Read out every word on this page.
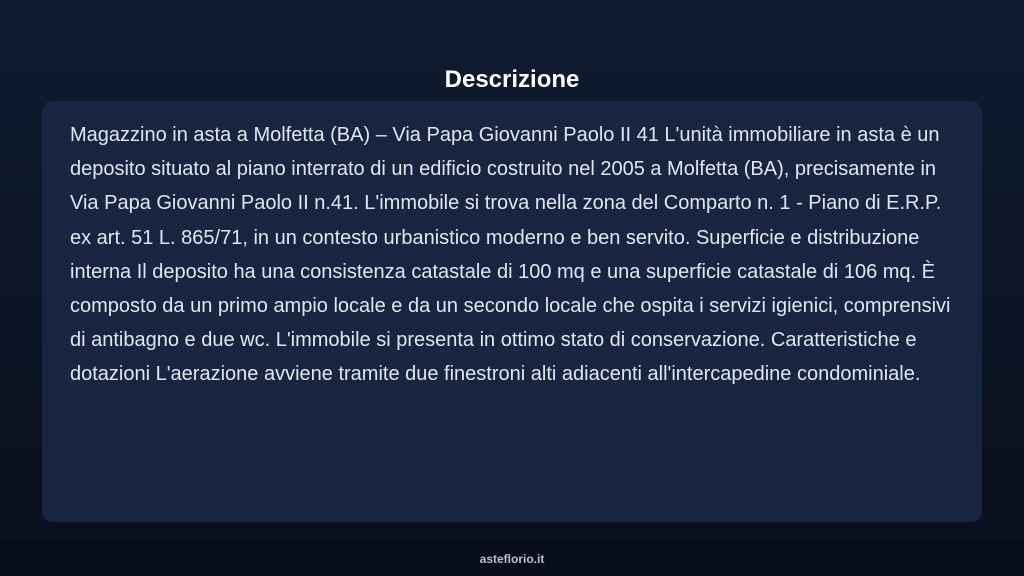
Descrizione

Magazzino in asta a Molfetta (BA) – Via Papa Giovanni Paolo II 41 L'unità immobiliare in asta è un deposito situato al piano interrato di un edificio costruito nel 2005 a Molfetta (BA), precisamente in Via Papa Giovanni Paolo II n.41. L'immobile si trova nella zona del Comparto n. 1 - Piano di E.R.P. ex art. 51 L. 865/71, in un contesto urbanistico moderno e ben servito. Superficie e distribuzione interna Il deposito ha una consistenza catastale di 100 mq e una superficie catastale di 106 mq. È composto da un primo ampio locale e da un secondo locale che ospita i servizi igienici, comprensivi di antibagno e due wc. L'immobile si presenta in ottimo stato di conservazione. Caratteristiche e dotazioni L'aerazione avviene tramite due finestroni alti adiacenti all'intercapedine condominiale.

asteflorio.it
